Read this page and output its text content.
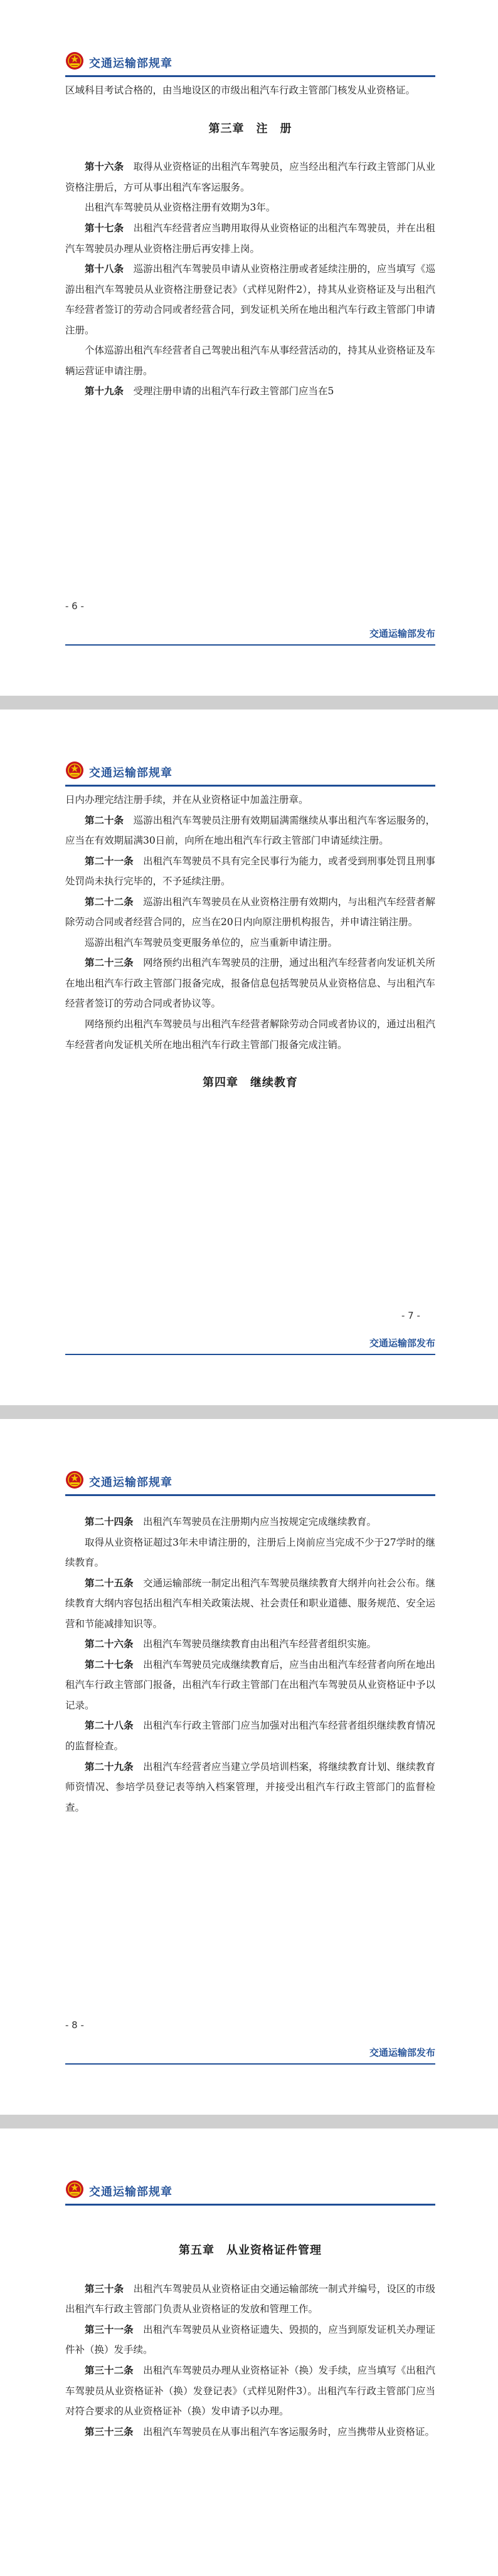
交通运输部规章

区域科目考试合格的，由当地设区的市级出租汽车行政主管部门核发从业资格证。

第三章　注　册

第十六条　 取得从业资格证的出租汽车驾驶员，应当经出租汽车行政主管部门从业资格注册后，方可从事出租汽车客运服务。

出租汽车驾驶员从业资格注册有效期为3年。

第十七条　 出租汽车经营者应当聘用取得从业资格证的出租汽车驾驶员，并在出租汽车驾驶员办理从业资格注册后再安排上岗。

第十八条　 巡游出租汽车驾驶员申请从业资格注册或者延续注册的，应当填写《巡游出租汽车驾驶员从业资格注册登记表》（式样见附件2），持其从业资格证及与出租汽车经营者签订的劳动合同或者经营合同，到发证机关所在地出租汽车行政主管部门申请注册。

个体巡游出租汽车经营者自己驾驶出租汽车从事经营活动的，持其从业资格证及车辆运营证申请注册。

第十九条　 受理注册申请的出租汽车行政主管部门应当在5

- 6 -
交通运输部发布
交通运输部规章

日内办理完结注册手续，并在从业资格证中加盖注册章。

第二十条　 巡游出租汽车驾驶员注册有效期届满需继续从事出租汽车客运服务的，应当在有效期届满30日前，向所在地出租汽车行政主管部门申请延续注册。

第二十一条　 出租汽车驾驶员不具有完全民事行为能力，或者受到刑事处罚且刑事处罚尚未执行完毕的，不予延续注册。

第二十二条　 巡游出租汽车驾驶员在从业资格注册有效期内，与出租汽车经营者解除劳动合同或者经营合同的，应当在20日内向原注册机构报告，并申请注销注册。

巡游出租汽车驾驶员变更服务单位的，应当重新申请注册。

第二十三条　 网络预约出租汽车驾驶员的注册，通过出租汽车经营者向发证机关所在地出租汽车行政主管部门报备完成，报备信息包括驾驶员从业资格信息、与出租汽车经营者签订的劳动合同或者协议等。

网络预约出租汽车驾驶员与出租汽车经营者解除劳动合同或者协议的，通过出租汽车经营者向发证机关所在地出租汽车行政主管部门报备完成注销。

第四章　继续教育
- 7 -
交通运输部发布
交通运输部规章

第二十四条　 出租汽车驾驶员在注册期内应当按规定完成继续教育。

取得从业资格证超过3年未申请注册的，注册后上岗前应当完成不少于27学时的继续教育。

第二十五条　 交通运输部统一制定出租汽车驾驶员继续教育大纲并向社会公布。继续教育大纲内容包括出租汽车相关政策法规、社会责任和职业道德、服务规范、安全运营和节能减排知识等。

第二十六条　 出租汽车驾驶员继续教育由出租汽车经营者组织实施。

第二十七条　 出租汽车驾驶员完成继续教育后，应当由出租汽车经营者向所在地出租汽车行政主管部门报备，出租汽车行政主管部门在出租汽车驾驶员从业资格证中予以记录。

第二十八条　 出租汽车行政主管部门应当加强对出租汽车经营者组织继续教育情况的监督检查。

第二十九条　 出租汽车经营者应当建立学员培训档案，将继续教育计划、继续教育师资情况、参培学员登记表等纳入档案管理，并接受出租汽车行政主管部门的监督检查。

- 8 -
交通运输部发布
交通运输部规章
第五章　从业资格证件管理

第三十条　 出租汽车驾驶员从业资格证由交通运输部统一制式并编号，设区的市级出租汽车行政主管部门负责从业资格证的发放和管理工作。

第三十一条　 出租汽车驾驶员从业资格证遗失、毁损的，应当到原发证机关办理证件补（换）发手续。

第三十二条　 出租汽车驾驶员办理从业资格证补（换）发手续，应当填写《出租汽车驾驶员从业资格证补（换）发登记表》（式样见附件3）。出租汽车行政主管部门应当对符合要求的从业资格证补（换）发申请予以办理。

第三十三条　 出租汽车驾驶员在从事出租汽车客运服务时，应当携带从业资格证。
